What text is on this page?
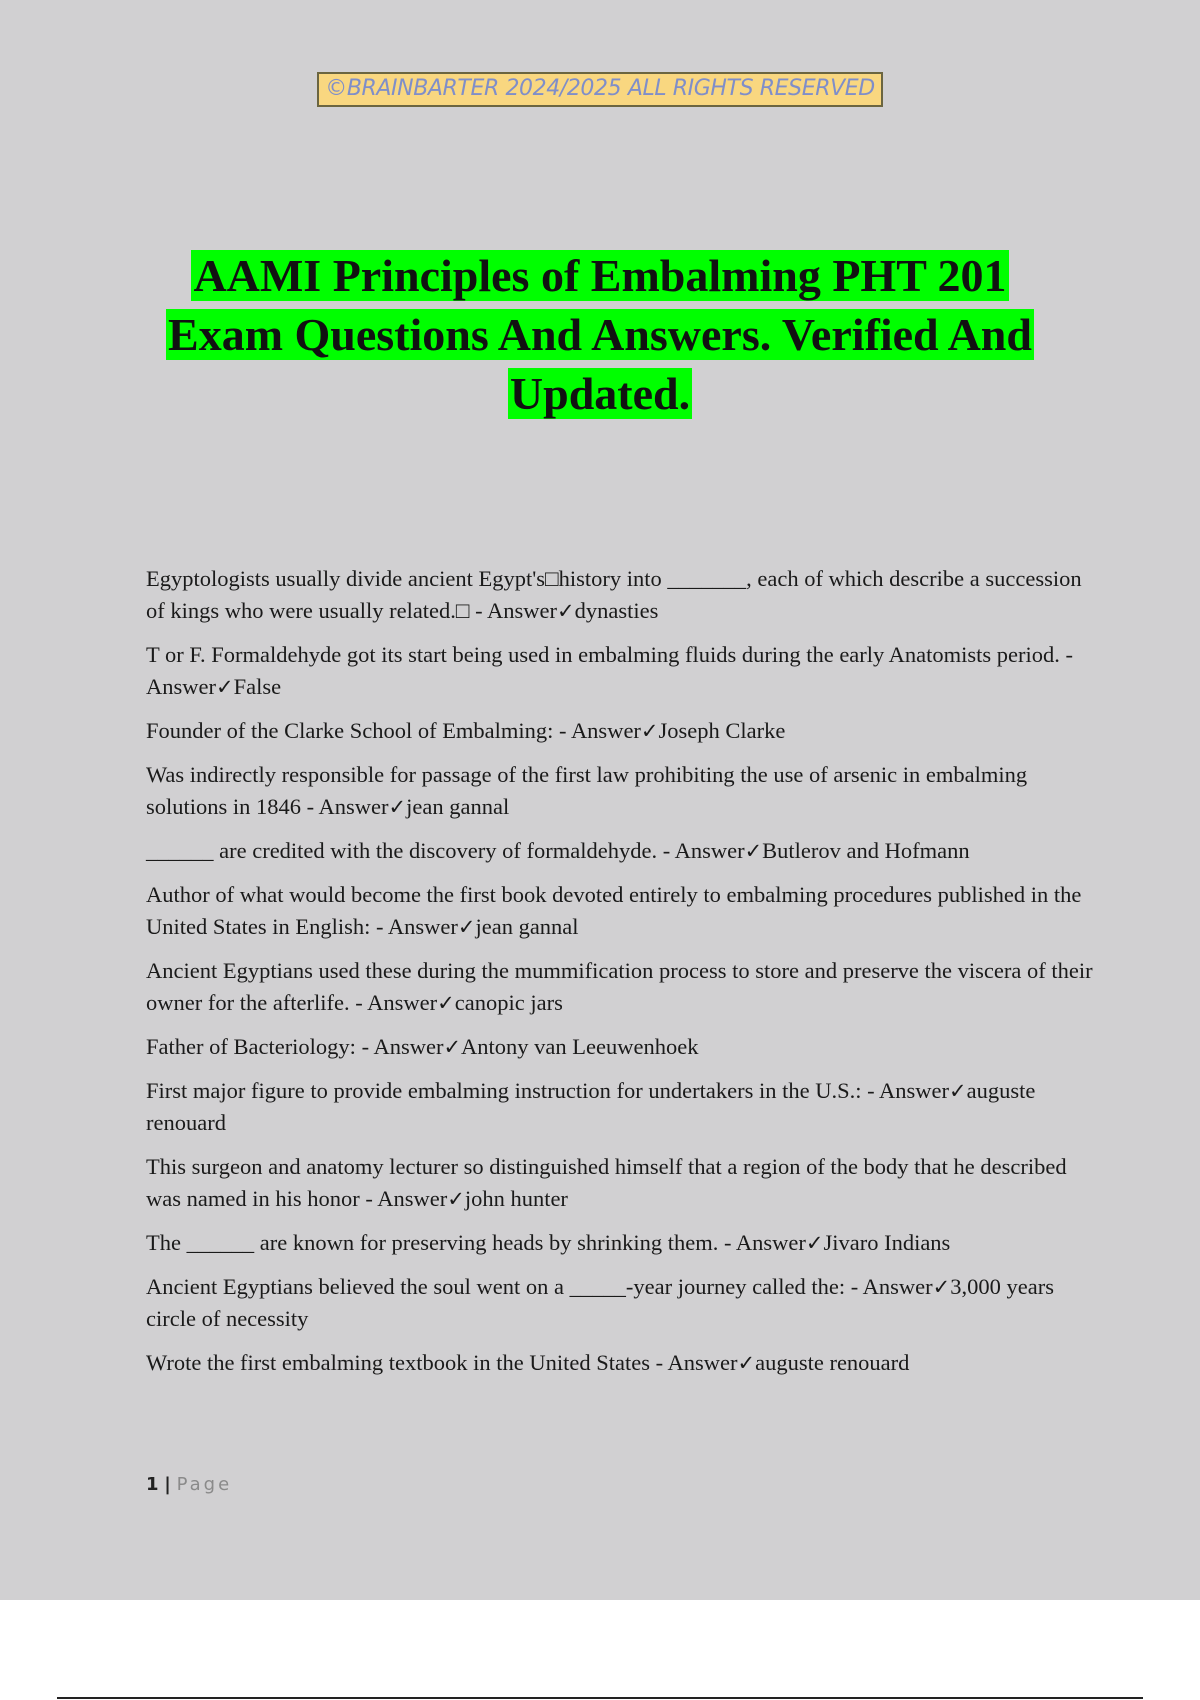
©BRAINBARTER 2024/2025 ALL RIGHTS RESERVED
AAMI Principles of Embalming PHT 201
Exam Questions And Answers. Verified And
Updated.

Egyptologists usually divide ancient Egypt's□history into _______, each of which describe a succession of kings who were usually related.□ - Answer✓dynasties

T or F. Formaldehyde got its start being used in embalming fluids during the early Anatomists period. - Answer✓False

Founder of the Clarke School of Embalming: - Answer✓Joseph Clarke

Was indirectly responsible for passage of the first law prohibiting the use of arsenic in embalming solutions in 1846 - Answer✓jean gannal

______ are credited with the discovery of formaldehyde. - Answer✓Butlerov and Hofmann

Author of what would become the first book devoted entirely to embalming procedures published in the United States in English: - Answer✓jean gannal

Ancient Egyptians used these during the mummification process to store and preserve the viscera of their owner for the afterlife. - Answer✓canopic jars

Father of Bacteriology: - Answer✓Antony van Leeuwenhoek

First major figure to provide embalming instruction for undertakers in the U.S.: - Answer✓auguste renouard

This surgeon and anatomy lecturer so distinguished himself that a region of the body that he described was named in his honor - Answer✓john hunter

The ______ are known for preserving heads by shrinking them. - Answer✓Jivaro Indians

Ancient Egyptians believed the soul went on a _____-year journey called the: - Answer✓3,000 years circle of necessity

Wrote the first embalming textbook in the United States - Answer✓auguste renouard

1 | Page
